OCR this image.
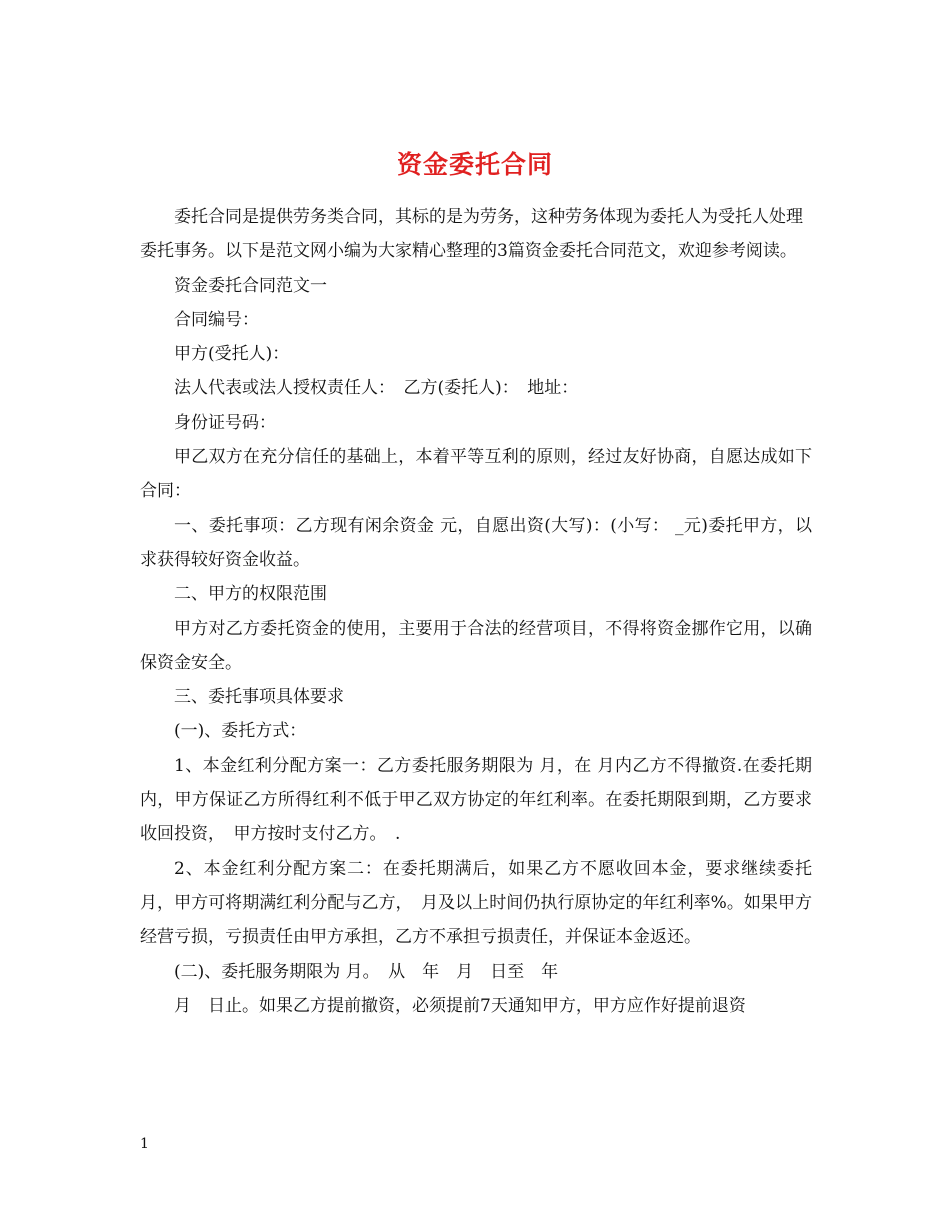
资金委托合同

委托合同是提供劳务类合同，其标的是为劳务，这种劳务体现为委托人为受托人处理委托事务。以下是范文网小编为大家精心整理的3篇资金委托合同范文，欢迎参考阅读。

资金委托合同范文一

合同编号：

甲方(受托人)：

法人代表或法人授权责任人：　乙方(委托人)：　地址：

身份证号码：

甲乙双方在充分信任的基础上，本着平等互利的原则，经过友好协商，自愿达成如下合同：

一、委托事项：乙方现有闲余资金 元，自愿出资(大写)：(小写： _元)委托甲方，以求获得较好资金收益。

二、甲方的权限范围

甲方对乙方委托资金的使用，主要用于合法的经营项目，不得将资金挪作它用，以确保资金安全。

三、委托事项具体要求

(一)、委托方式：

1、本金红利分配方案一：乙方委托服务期限为 月，在 月内乙方不得撤资.在委托期内，甲方保证乙方所得红利不低于甲乙双方协定的年红利率。在委托期限到期，乙方要求收回投资，　甲方按时支付乙方。　.

2、本金红利分配方案二：在委托期满后，如果乙方不愿收回本金，要求继续委托 月，甲方可将期满红利分配与乙方，　月及以上时间仍执行原协定的年红利率%。如果甲方经营亏损，亏损责任由甲方承担，乙方不承担亏损责任，并保证本金返还。

(二)、委托服务期限为 月。　从　年　月　日至　年

月　日止。如果乙方提前撤资，必须提前7天通知甲方，甲方应作好提前退资

1
